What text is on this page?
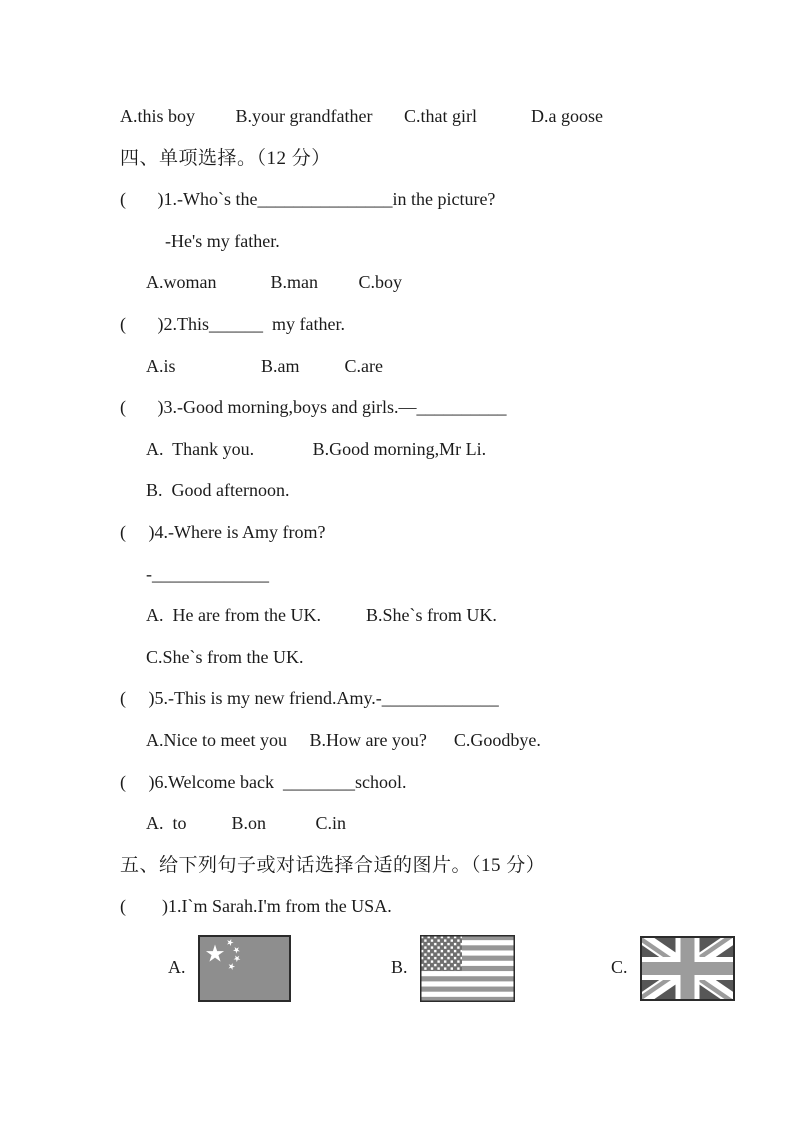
A.this boy         B.your grandfather       C.that girl            D.a goose
四、单项选择。（12 分）
(       )1.-Who`s the_______________in the picture?
-He's my father.
A.woman            B.man         C.boy
(       )2.This______  my father.
A.is                   B.am          C.are
(       )3.-Good morning,boys and girls.—__________
A.  Thank you.             B.Good morning,Mr Li.
B.  Good afternoon.
(     )4.-Where is Amy from?
-_____________
A.  He are from the UK.          B.She`s from UK.
C.She`s from the UK.
(     )5.-This is my new friend.Amy.-_____________
A.Nice to meet you     B.How are you?      C.Goodbye.
(     )6.Welcome back  ________school.
A.  to          B.on           C.in
五、给下列句子或对话选择合适的图片。（15 分）
(        )1.I`m Sarah.I'm from the USA.
A.	B.	C.
